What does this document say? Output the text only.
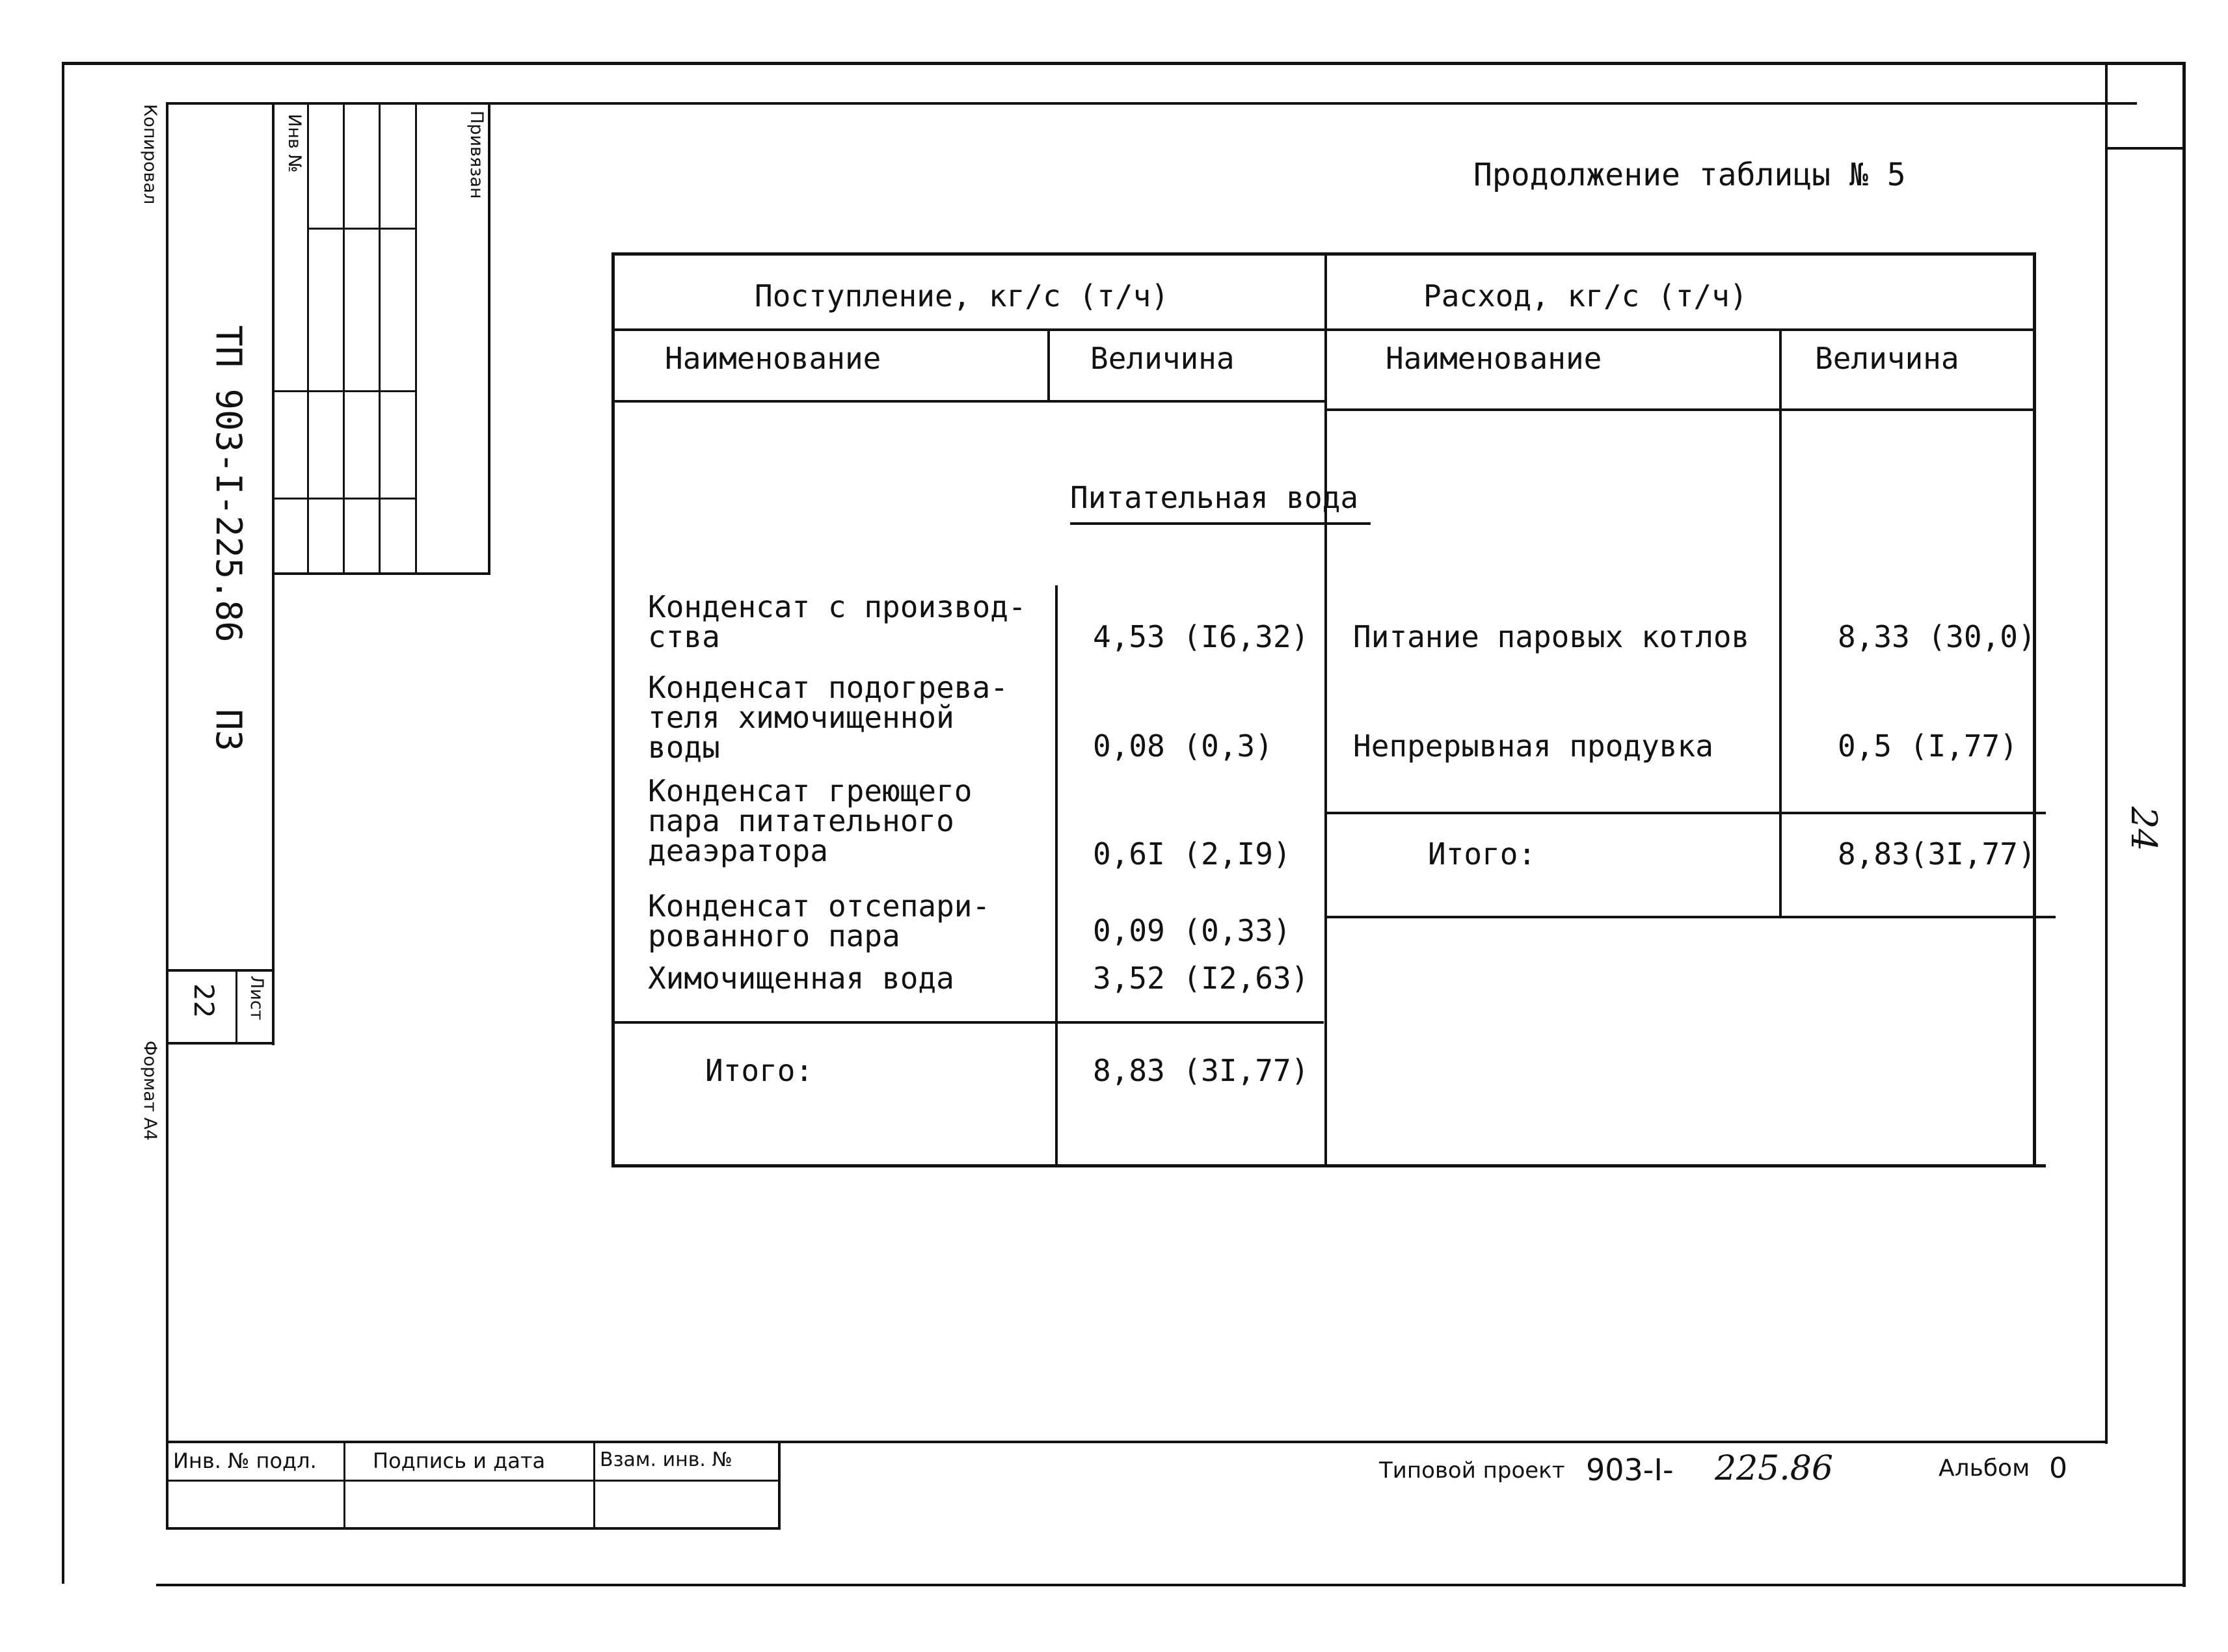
Копировал
Формат А4
Инв №	Привязан
ТП 903-I-225.86
ПЗ
Лист
22
24
Продолжение таблицы № 5
Поступление, кг/с (т/ч)	Расход, кг/с (т/ч)
Наименование	Величина	Наименование	Величина
Питательная вода
Конденсат с производ-
ства	4,53 (I6,32)
Конденсат подогрева-
теля химочищенной
воды	0,08 (0,3)
Конденсат греющего
пара питательного
деаэратора	0,6I (2,I9)
Конденсат отсепари-
рованного пара	0,09 (0,33)
Химочищенная вода	3,52 (I2,63)
Итого:	8,83 (3I,77)
Питание паровых котлов	8,33 (30,0)
Непрерывная продувка	0,5 (I,77)
Итого:	8,83(3I,77)
Инв. № подл.	Подпись и дата	Взам. инв. №	Типовой проект 903-I- 225.86	Альбом 0
